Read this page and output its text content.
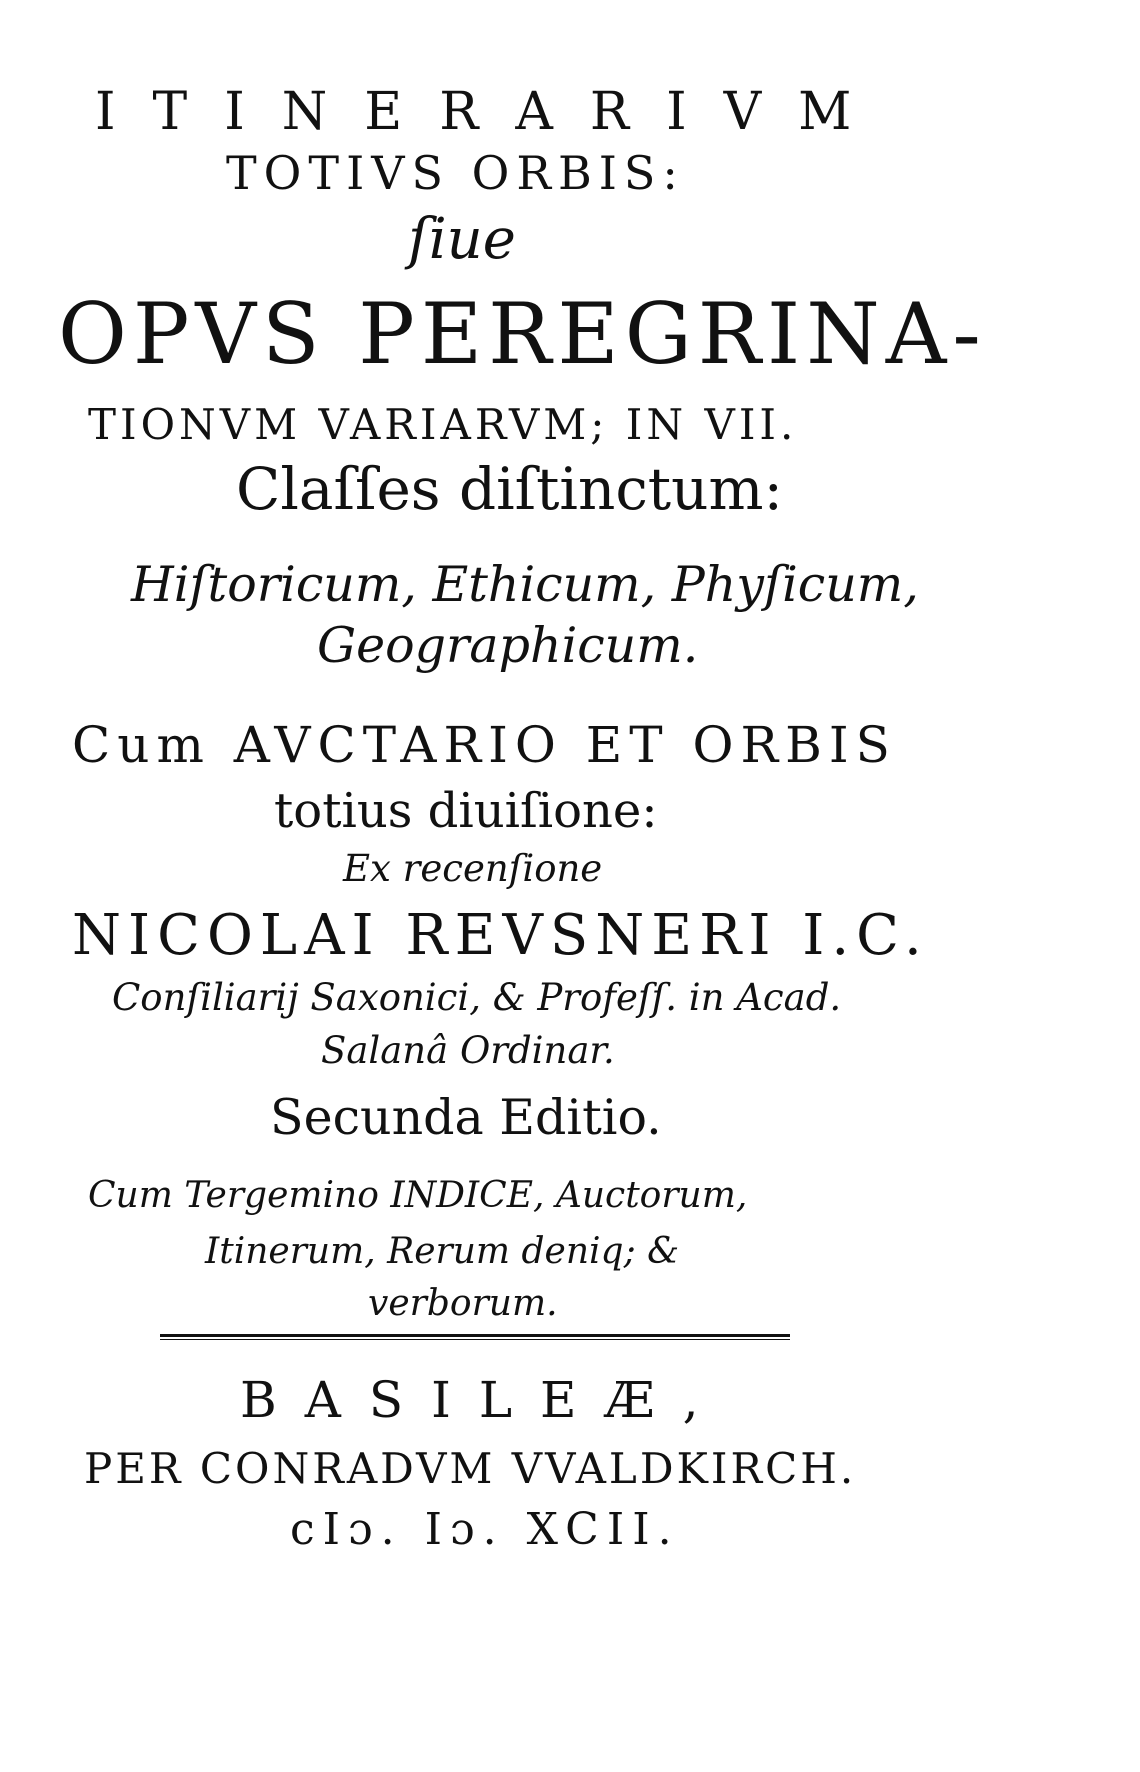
ITINERARIVM
TOTIVS ORBIS:
ſiue
OPVS PEREGRINA-
TIONVM VARIARVM; IN VII.
Claſſes diſtinctum:
Hiſtoricum, Ethicum, Phyſicum,
Geographicum.
Cum AVCTARIO ET ORBIS
totius diuiſione:
Ex recenſione
NICOLAI REVSNERI I.C.
Conſiliarij Saxonici, & Profeſſ. in Acad.
Salanâ Ordinar.
Secunda Editio.
Cum Tergemino INDICE, Auctorum,
Itinerum, Rerum deniq; &
verborum.
BASILEÆ,
PER CONRADVM VVALDKIRCH.
cIɔ. Iɔ. XCII.
